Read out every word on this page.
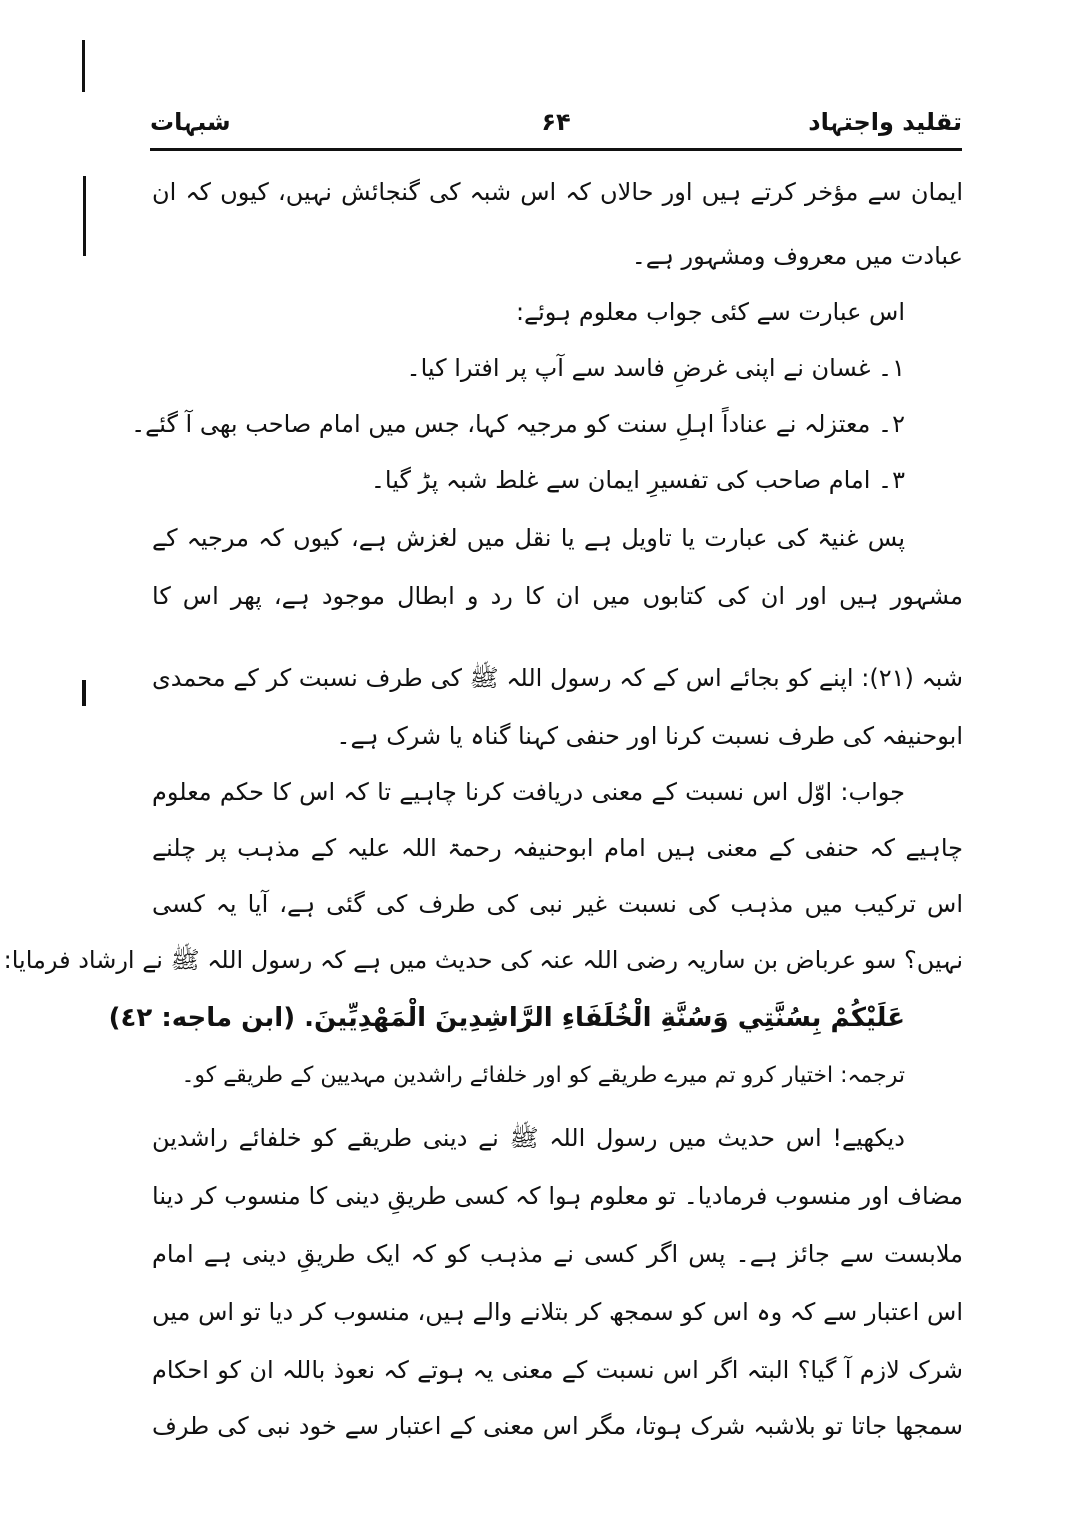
تقلید واجتہاد
۶۴
شبہات
ایمان سے مؤخر کرتے ہیں اور حالاں کہ اس شبہ کی گنجائش نہیں، کیوں کہ ان
عبادت میں معروف ومشہور ہے۔
اس عبارت سے کئی جواب معلوم ہوئے:
۱۔ غسان نے اپنی غرضِ فاسد سے آپ پر افترا کیا۔
۲۔ معتزلہ نے عناداً اہلِ سنت کو مرجیہ کہا، جس میں امام صاحب بھی آ گئے۔
۳۔ امام صاحب کی تفسیرِ ایمان سے غلط شبہ پڑ گیا۔
پس غنیۃ کی عبارت یا تاویل ہے یا نقل میں لغزش ہے، کیوں کہ مرجیہ کے
مشہور ہیں اور ان کی کتابوں میں ان کا رد و ابطال موجود ہے، پھر اس کا
شبہ (۲۱): اپنے کو بجائے اس کے کہ رسول اللہ ﷺ کی طرف نسبت کر کے محمدی
ابوحنیفہ کی طرف نسبت کرنا اور حنفی کہنا گناہ یا شرک ہے۔
جواب: اوّل اس نسبت کے معنی دریافت کرنا چاہیے تا کہ اس کا حکم معلوم
چاہیے کہ حنفی کے معنی ہیں امام ابوحنیفہ رحمۃ اللہ علیہ کے مذہب پر چلنے
اس ترکیب میں مذہب کی نسبت غیر نبی کی طرف کی گئی ہے، آیا یہ کسی
نہیں؟ سو عرباض بن ساریہ رضی اللہ عنہ کی حدیث میں ہے کہ رسول اللہ ﷺ نے ارشاد فرمایا:
عَلَيْكُمْ بِسُنَّتِي وَسُنَّةِ الْخُلَفَاءِ الرَّاشِدِينَ الْمَهْدِيِّينَ. (ابن ماجه: ٤٢)
ترجمہ: اختیار کرو تم میرے طریقے کو اور خلفائے راشدین مہدیین کے طریقے کو۔
دیکھیے! اس حدیث میں رسول اللہ ﷺ نے دینی طریقے کو خلفائے راشدین
مضاف اور منسوب فرمادیا۔ تو معلوم ہوا کہ کسی طریقِ دینی کا منسوب کر دینا
ملابست سے جائز ہے۔ پس اگر کسی نے مذہب کو کہ ایک طریقِ دینی ہے امام
اس اعتبار سے کہ وہ اس کو سمجھ کر بتلانے والے ہیں، منسوب کر دیا تو اس میں
شرک لازم آ گیا؟ البتہ اگر اس نسبت کے معنی یہ ہوتے کہ نعوذ باللہ ان کو احکام
سمجھا جاتا تو بلاشبہ شرک ہوتا، مگر اس معنی کے اعتبار سے خود نبی کی طرف
